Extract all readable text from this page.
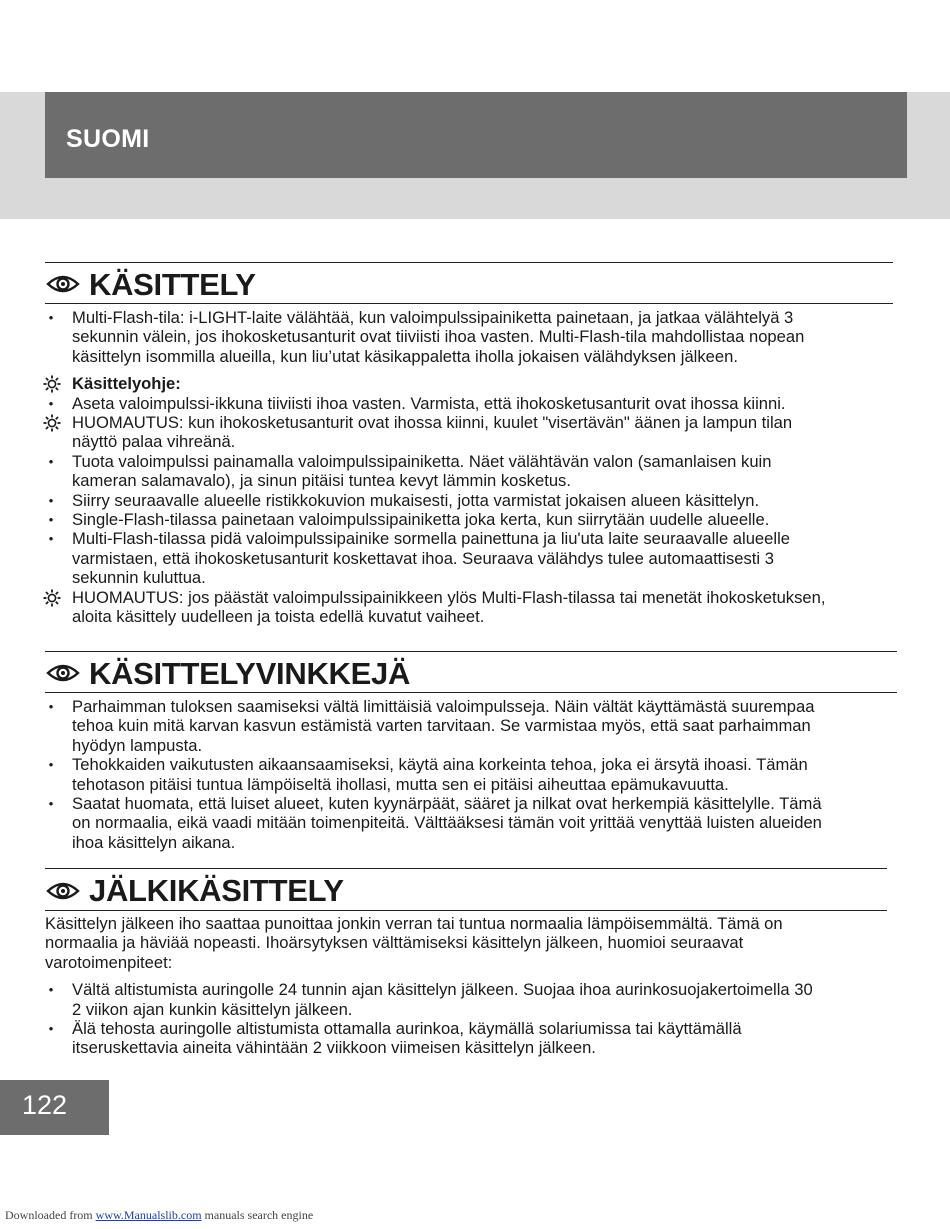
SUOMI
KÄSITTELY
• Multi-Flash-tila: i-LIGHT-laite välähtää, kun valoimpulssipainiketta painetaan, ja jatkaa välähtelyä 3
sekunnin välein, jos ihokosketusanturit ovat tiiviisti ihoa vasten. Multi-Flash-tila mahdollistaa nopean
käsittelyn isommilla alueilla, kun liu’utat käsikappaletta iholla jokaisen välähdyksen jälkeen.
Käsittelyohje:
• Aseta valoimpulssi-ikkuna tiiviisti ihoa vasten. Varmista, että ihokosketusanturit ovat ihossa kiinni.
HUOMAUTUS: kun ihokosketusanturit ovat ihossa kiinni, kuulet "visertävän" äänen ja lampun tilan
näyttö palaa vihreänä.
• Tuota valoimpulssi painamalla valoimpulssipainiketta. Näet välähtävän valon (samanlaisen kuin
kameran salamavalo), ja sinun pitäisi tuntea kevyt lämmin kosketus.
• Siirry seuraavalle alueelle ristikkokuvion mukaisesti, jotta varmistat jokaisen alueen käsittelyn.
• Single-Flash-tilassa painetaan valoimpulssipainiketta joka kerta, kun siirrytään uudelle alueelle.
• Multi-Flash-tilassa pidä valoimpulssipainike sormella painettuna ja liu'uta laite seuraavalle alueelle
varmistaen, että ihokosketusanturit koskettavat ihoa. Seuraava välähdys tulee automaattisesti 3
sekunnin kuluttua.
HUOMAUTUS: jos päästät valoimpulssipainikkeen ylös Multi-Flash-tilassa tai menetät ihokosketuksen,
aloita käsittely uudelleen ja toista edellä kuvatut vaiheet.
KÄSITTELYVINKKEJÄ
• Parhaimman tuloksen saamiseksi vältä limittäisiä valoimpulsseja. Näin vältät käyttämästä suurempaa
tehoa kuin mitä karvan kasvun estämistä varten tarvitaan. Se varmistaa myös, että saat parhaimman
hyödyn lampusta.
• Tehokkaiden vaikutusten aikaansaamiseksi, käytä aina korkeinta tehoa, joka ei ärsytä ihoasi. Tämän
tehotason pitäisi tuntua lämpöiseltä ihollasi, mutta sen ei pitäisi aiheuttaa epämukavuutta.
• Saatat huomata, että luiset alueet, kuten kyynärpäät, sääret ja nilkat ovat herkempiä käsittelylle. Tämä
on normaalia, eikä vaadi mitään toimenpiteitä. Välttääksesi tämän voit yrittää venyttää luisten alueiden
ihoa käsittelyn aikana.
JÄLKIKÄSITTELY

Käsittelyn jälkeen iho saattaa punoittaa jonkin verran tai tuntua normaalia lämpöisemmältä. Tämä on

normaalia ja häviää nopeasti. Ihoärsytyksen välttämiseksi käsittelyn jälkeen, huomioi seuraavat

varotoimenpiteet:

• Vältä altistumista auringolle 24 tunnin ajan käsittelyn jälkeen. Suojaa ihoa aurinkosuojakertoimella 30
2 viikon ajan kunkin käsittelyn jälkeen.
• Älä tehosta auringolle altistumista ottamalla aurinkoa, käymällä solariumissa tai käyttämällä
itseruskettavia aineita vähintään 2 viikkoon viimeisen käsittelyn jälkeen.
122
Downloaded from www.Manualslib.com manuals search engine
